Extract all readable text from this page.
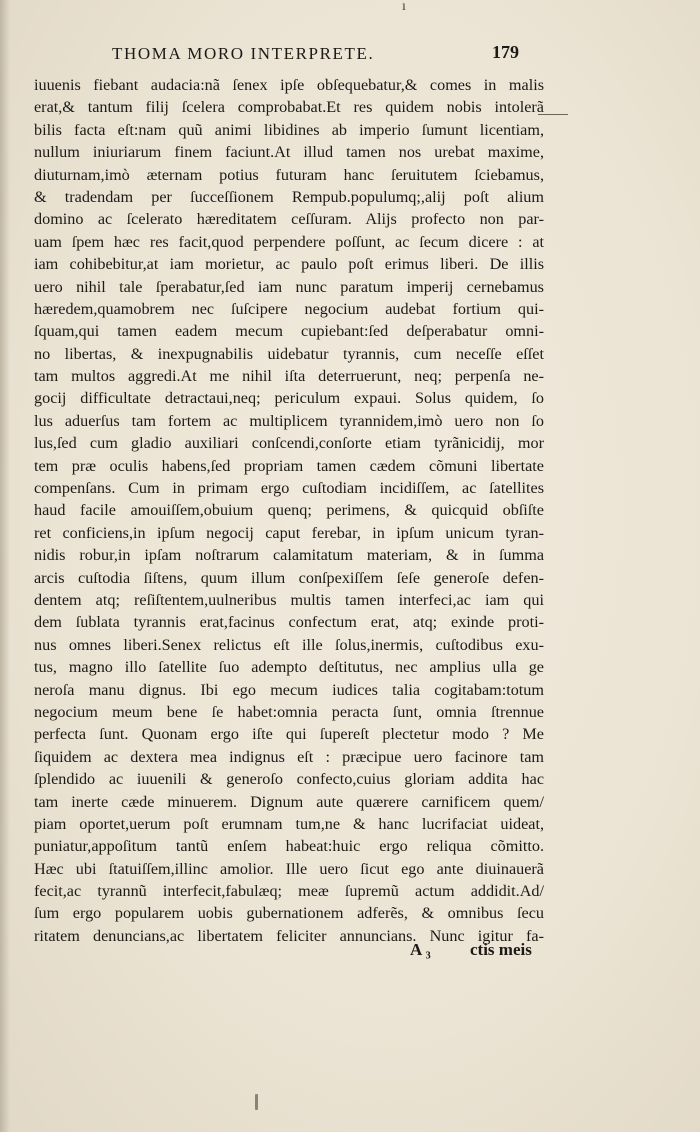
ı
THOMA MORO INTERPRETE.	179
iuuenis fiebant audacia:nã ſenex ipſe obſequebatur,& comes in malis
erat,& tantum filij ſcelera comprobabat.Et res quidem nobis intolerã
bilis facta eſt:nam quũ animi libidines ab imperio ſumunt licentiam,
nullum iniuriarum finem faciunt.At illud tamen nos urebat maxime,
diuturnam,imò æternam potius futuram hanc ſeruitutem ſciebamus,
& tradendam per ſucceſſionem Rempub.populumq;,alij poſt alium
domino ac ſcelerato hæreditatem ceſſuram. Alijs profecto non par-
uam ſpem hæc res facit,quod perpendere poſſunt, ac ſecum dicere : at
iam cohibebitur,at iam morietur, ac paulo poſt erimus liberi. De illis
uero nihil tale ſperabatur,ſed iam nunc paratum imperij cernebamus
hæredem,quamobrem nec ſuſcipere negocium audebat fortium qui-
ſquam,qui tamen eadem mecum cupiebant:ſed deſperabatur omni-
no libertas, & inexpugnabilis uidebatur tyrannis, cum neceſſe eſſet
tam multos aggredi.At me nihil iſta deterruerunt, neq; perpenſa ne-
gocij difficultate detractaui,neq; periculum expaui. Solus quidem, ſo
lus aduerſus tam fortem ac multiplicem tyrannidem,imò uero non ſo
lus,ſed cum gladio auxiliari conſcendi,conſorte etiam tyrãnicidij, mor
tem præ oculis habens,ſed propriam tamen cædem cõmuni libertate
compenſans. Cum in primam ergo cuſtodiam incidiſſem, ac ſatellites
haud facile amouiſſem,obuium quenq; perimens, & quicquid obſiſte
ret conficiens,in ipſum negocij caput ferebar, in ipſum unicum tyran-
nidis robur,in ipſam noſtrarum calamitatum materiam, & in ſumma
arcis cuſtodia ſiſtens, quum illum conſpexiſſem ſeſe generoſe defen-
dentem atq; reſiſtentem,uulneribus multis tamen interfeci,ac iam qui
dem ſublata tyrannis erat,facinus confectum erat, atq; exinde proti-
nus omnes liberi.Senex relictus eſt ille ſolus,inermis, cuſtodibus exu-
tus, magno illo ſatellite ſuo adempto deſtitutus, nec amplius ulla ge
neroſa manu dignus. Ibi ego mecum iudices talia cogitabam:totum
negocium meum bene ſe habet:omnia peracta ſunt, omnia ſtrennue
perfecta ſunt. Quonam ergo iſte qui ſupereſt plectetur modo ? Me
ſiquidem ac dextera mea indignus eſt : præcipue uero facinore tam
ſplendido ac iuuenili & generoſo confecto,cuius gloriam addita hac
tam inerte cæde minuerem. Dignum aute quærere carnificem quem/
piam oportet,uerum poſt erumnam tum,ne & hanc lucrifaciat uideat,
puniatur,appoſitum tantũ enſem habeat:huic ergo reliqua cõmitto.
Hæc ubi ſtatuiſſem,illinc amolior. Ille uero ſicut ego ante diuinauerã
fecit,ac tyrannũ interfecit,fabulæq; meæ ſupremũ actum addidit.Ad/
ſum ergo popularem uobis gubernationem adferẽs, & omnibus ſecu
ritatem denuncians,ac libertatem feliciter annuncians. Nunc igitur fa-
A ₃ ctis meis
